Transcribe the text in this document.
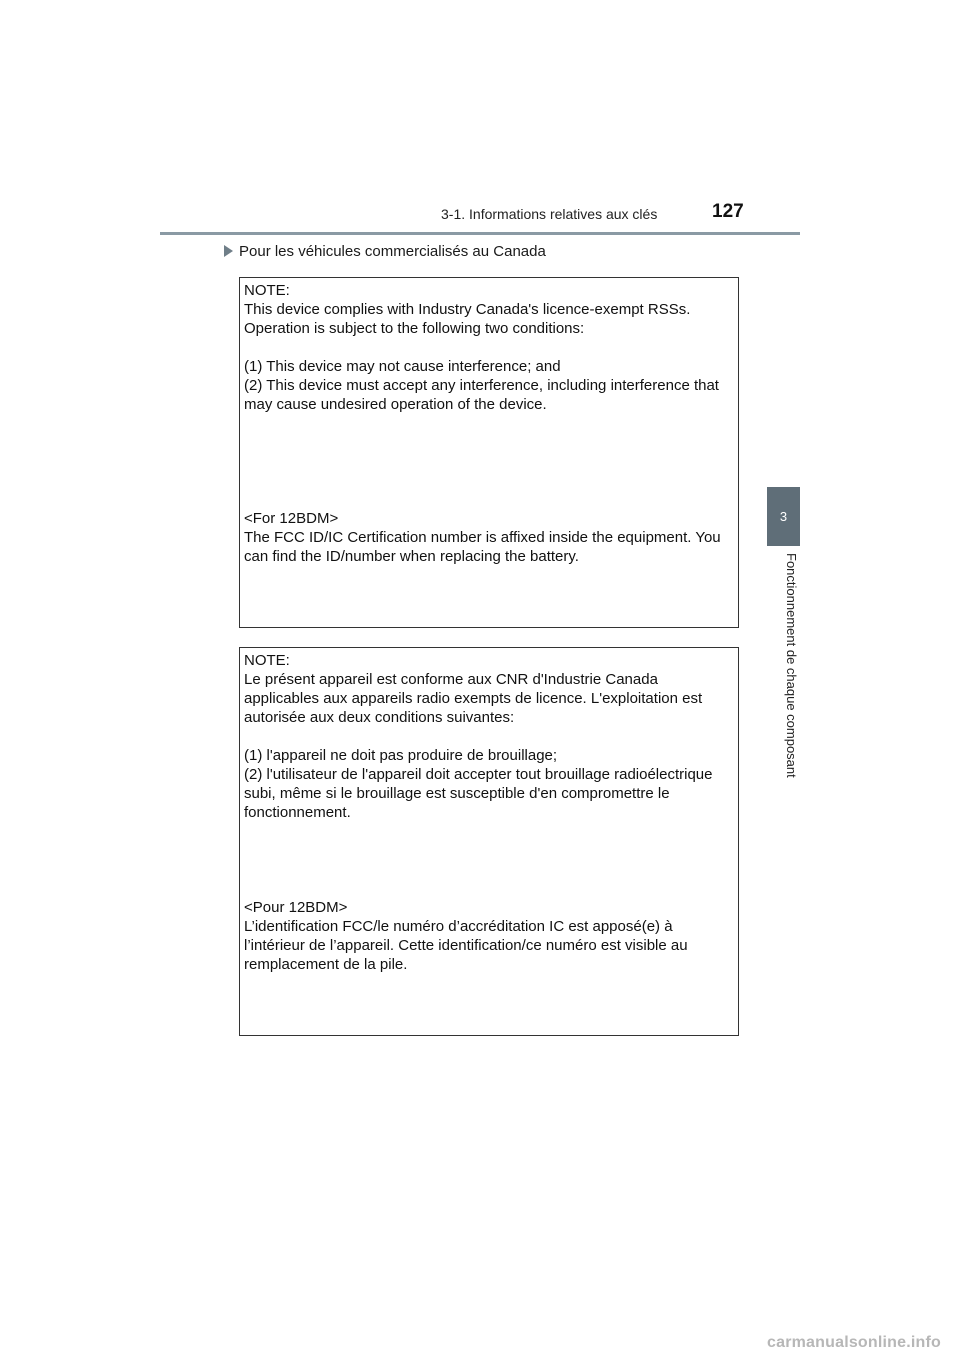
3-1. Informations relatives aux clés	127
Pour les véhicules commercialisés au Canada
NOTE:
This device complies with Industry Canada's licence-exempt RSSs.
Operation is subject to the following two conditions:

(1) This device may not cause interference; and
(2) This device must accept any interference, including interference that
may cause undesired operation of the device.

<For 12BDM>
The FCC ID/IC Certification number is affixed inside the equipment. You
can find the ID/number when replacing the battery.
NOTE:
Le présent appareil est conforme aux CNR d'Industrie Canada
applicables aux appareils radio exempts de licence. L'exploitation est
autorisée aux deux conditions suivantes:

(1) l'appareil ne doit pas produire de brouillage;
(2) l'utilisateur de l'appareil doit accepter tout brouillage radioélectrique
subi, même si le brouillage est susceptible d'en compromettre le
fonctionnement.

<Pour 12BDM>
L’identification FCC/le numéro d’accréditation IC est apposé(e) à
l’intérieur de l’appareil. Cette identification/ce numéro est visible au
remplacement de la pile.
3
Fonctionnement de chaque composant
carmanualsonline.info
